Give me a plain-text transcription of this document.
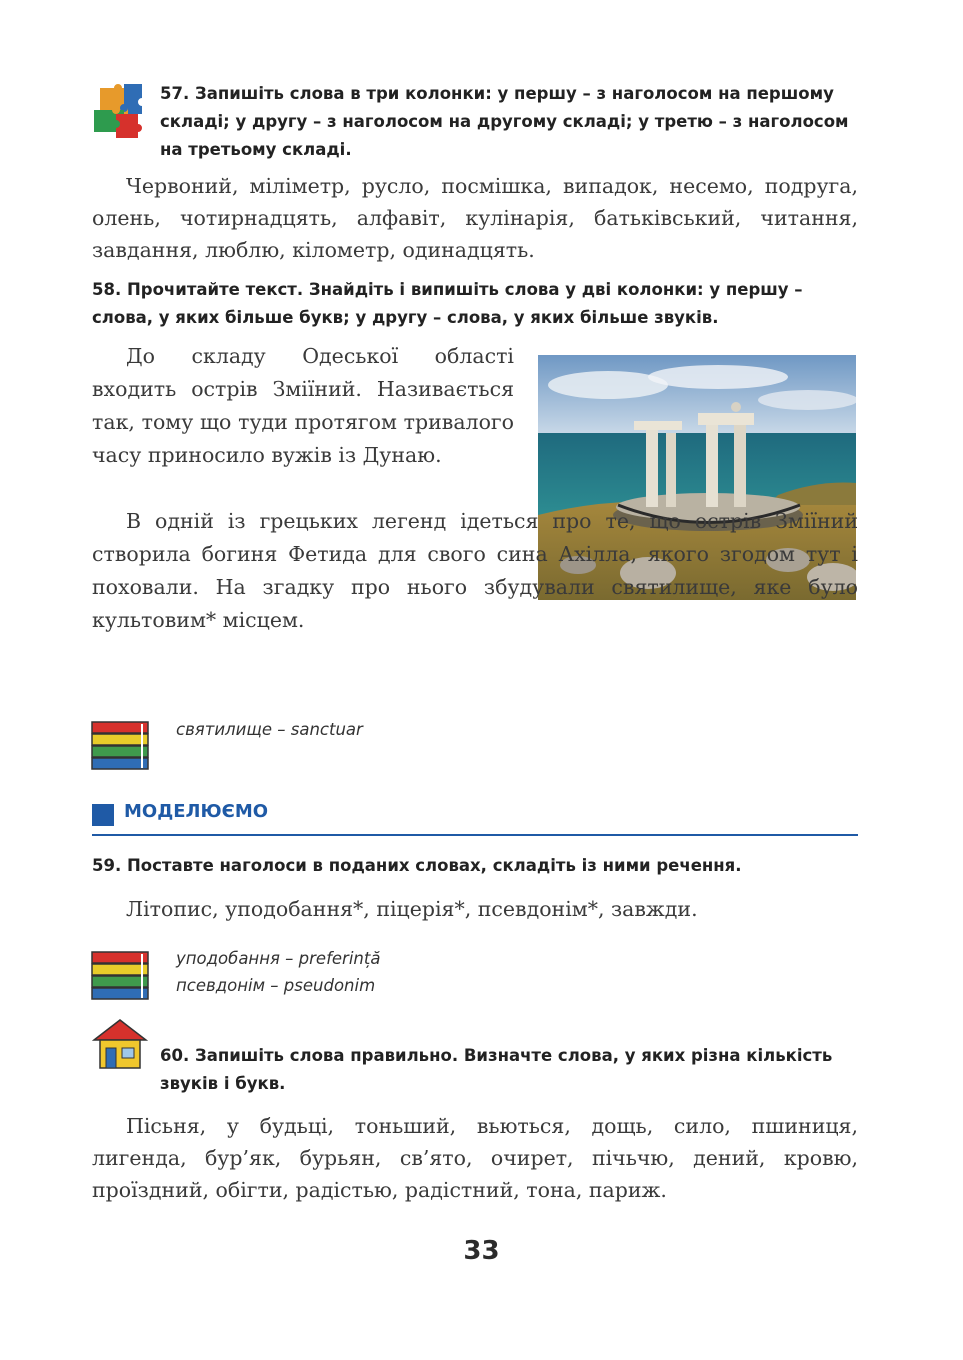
57. Запишіть слова в три колонки: у першу – з наголосом на першому складі; у другу – з наголосом на другому складі; у третю – з наголосом на третьому складі.
Червоний, міліметр, русло, посмішка, випадок, несемо, подруга, олень, чотирнадцять, алфавіт, кулінарія, батьківський, читання, завдання, люблю, кілометр, одинадцять.
58. Прочитайте текст. Знайдіть і випишіть слова у дві колонки: у першу – слова, у яких більше букв; у другу – слова, у яких більше звуків.
До складу Одеської області входить острів Зміїний. Називається так, тому що туди протягом тривалого часу приносило вужів із Дунаю.
В одній із грецьких легенд ідеться про те, що острів Зміїний створила богиня Фетида для свого сина Ахілла, якого згодом тут і поховали. На згадку про нього збудували святилище, яке було культовим* місцем.
святилище – sanctuar
МОДЕЛЮЄМО
59. Поставте наголоси в поданих словах, складіть із ними речення.
Літопис, уподобання*, піцерія*, псевдонім*, завжди.
уподобання – preferință
псевдонім – pseudonim
60. Запишіть слова правильно. Визначте слова, у яких різна кількість звуків і букв.
Пісьня, у будьці, тоньший, вьються, дощь, сило, пшиниця, лигенда, бур’як, бурьян, св’ято, очирет, пічьчю, дений, кровю, проїздний, обігти, радістью, радістний, тона, париж.
33
